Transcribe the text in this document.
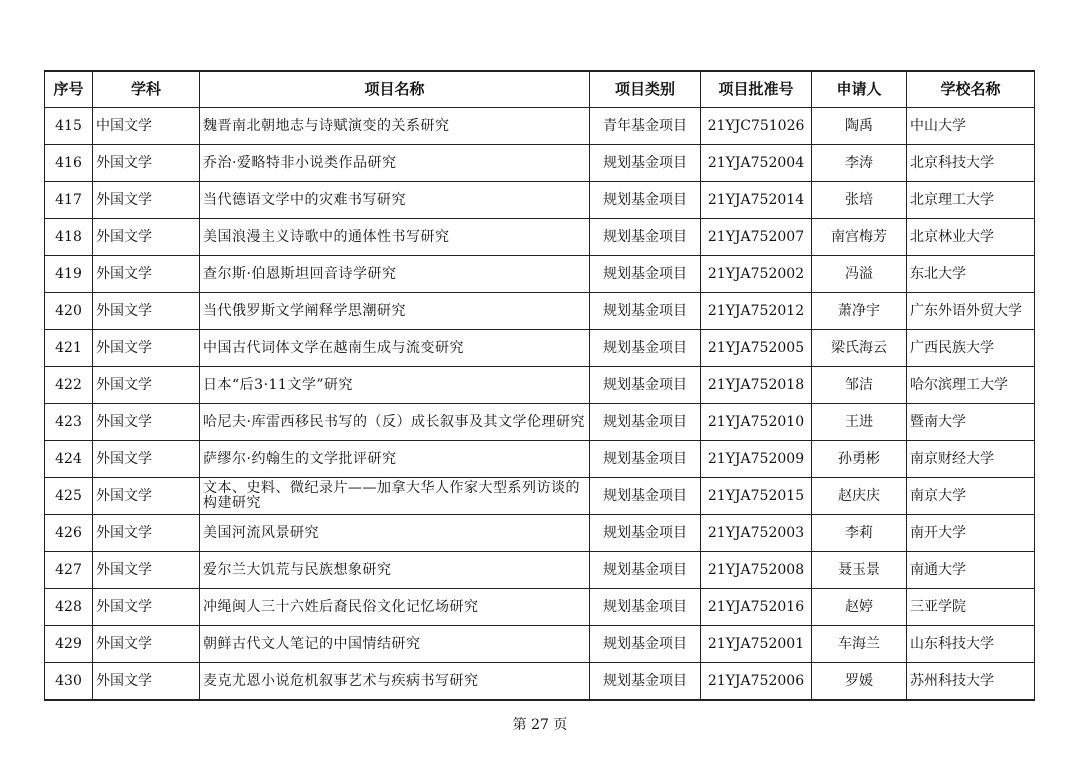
序号	学科	项目名称	项目类别	项目批准号	申请人	学校名称
415	中国文学	魏晋南北朝地志与诗赋演变的关系研究	青年基金项目	21YJC751026	陶禹	中山大学
416	外国文学	乔治·爱略特非小说类作品研究	规划基金项目	21YJA752004	李涛	北京科技大学
417	外国文学	当代德语文学中的灾难书写研究	规划基金项目	21YJA752014	张培	北京理工大学
418	外国文学	美国浪漫主义诗歌中的通体性书写研究	规划基金项目	21YJA752007	南宫梅芳	北京林业大学
419	外国文学	查尔斯·伯恩斯坦回音诗学研究	规划基金项目	21YJA752002	冯溢	东北大学
420	外国文学	当代俄罗斯文学阐释学思潮研究	规划基金项目	21YJA752012	萧净宇	广东外语外贸大学
421	外国文学	中国古代词体文学在越南生成与流变研究	规划基金项目	21YJA752005	梁氏海云	广西民族大学
422	外国文学	日本“后3·11文学”研究	规划基金项目	21YJA752018	邹洁	哈尔滨理工大学
423	外国文学	哈尼夫·库雷西移民书写的（反）成长叙事及其文学伦理研究	规划基金项目	21YJA752010	王进	暨南大学
424	外国文学	萨缪尔·约翰生的文学批评研究	规划基金项目	21YJA752009	孙勇彬	南京财经大学
425	外国文学	文本、史料、微纪录片——加拿大华人作家大型系列访谈的构建研究	规划基金项目	21YJA752015	赵庆庆	南京大学
426	外国文学	美国河流风景研究	规划基金项目	21YJA752003	李莉	南开大学
427	外国文学	爱尔兰大饥荒与民族想象研究	规划基金项目	21YJA752008	聂玉景	南通大学
428	外国文学	冲绳闽人三十六姓后裔民俗文化记忆场研究	规划基金项目	21YJA752016	赵婷	三亚学院
429	外国文学	朝鲜古代文人笔记的中国情结研究	规划基金项目	21YJA752001	车海兰	山东科技大学
430	外国文学	麦克尤恩小说危机叙事艺术与疾病书写研究	规划基金项目	21YJA752006	罗媛	苏州科技大学
第 27 页
